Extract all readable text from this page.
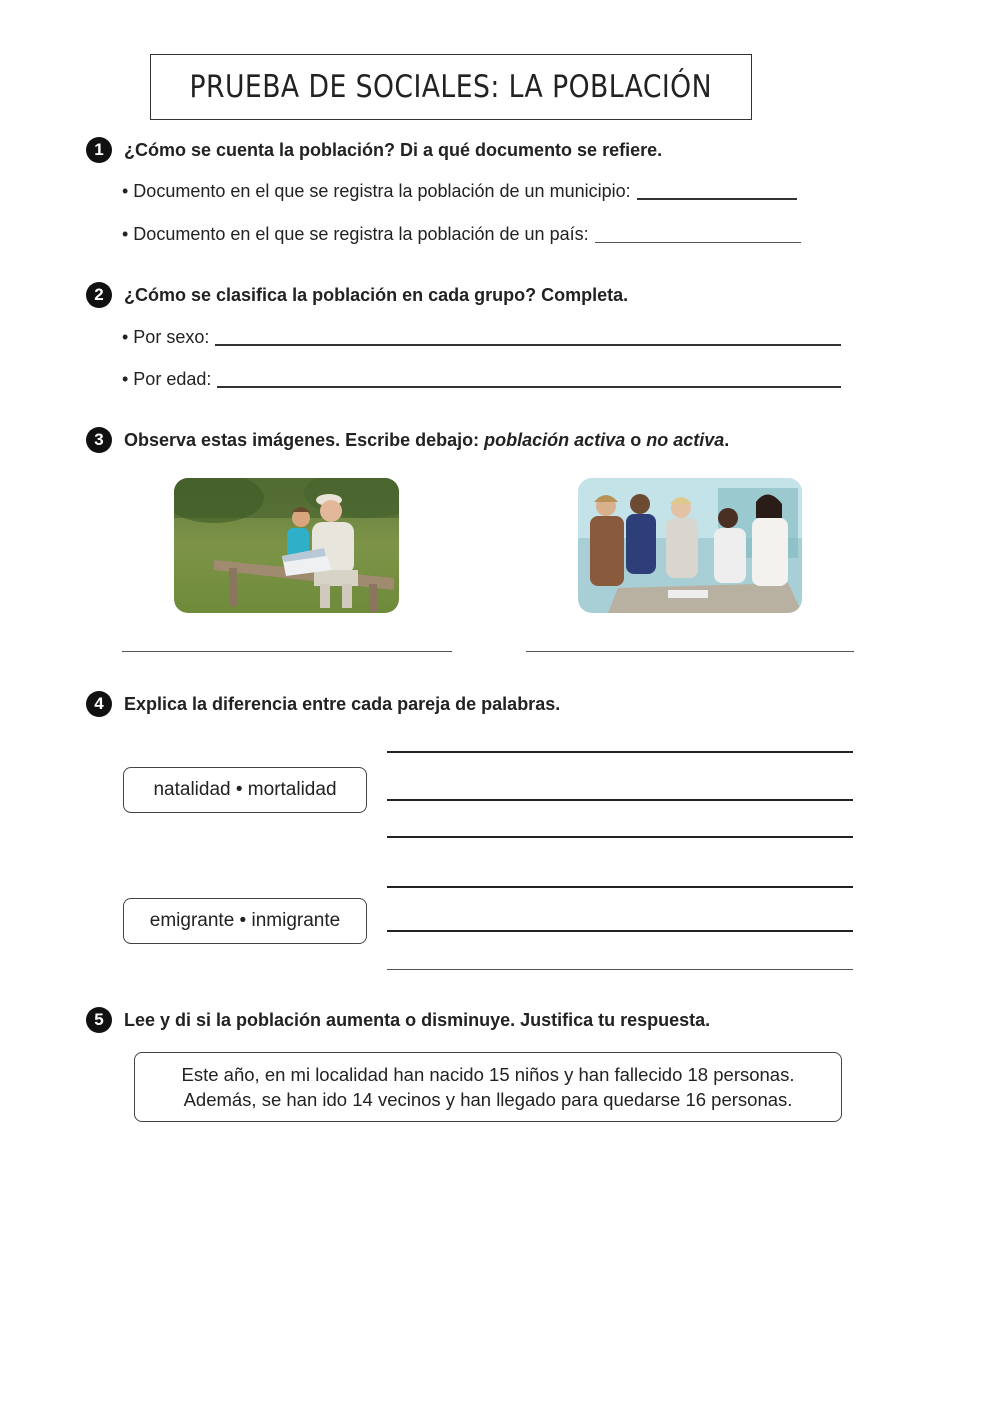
PRUEBA DE SOCIALES: LA POBLACIÓN
1	¿Cómo se cuenta la población? Di a qué documento se refiere.
• Documento en el que se registra la población de un municipio:
• Documento en el que se registra la población de un país:
2	¿Cómo se clasifica la población en cada grupo? Completa.
• Por sexo:
• Por edad:
3	Observa estas imágenes. Escribe debajo: población activa o no activa.
4	Explica la diferencia entre cada pareja de palabras.
natalidad • mortalidad
emigrante • inmigrante
5	Lee y di si la población aumenta o disminuye. Justifica tu respuesta.
Este año, en mi localidad han nacido 15 niños y han fallecido 18 personas.
Además, se han ido 14 vecinos y han llegado para quedarse 16 personas.
